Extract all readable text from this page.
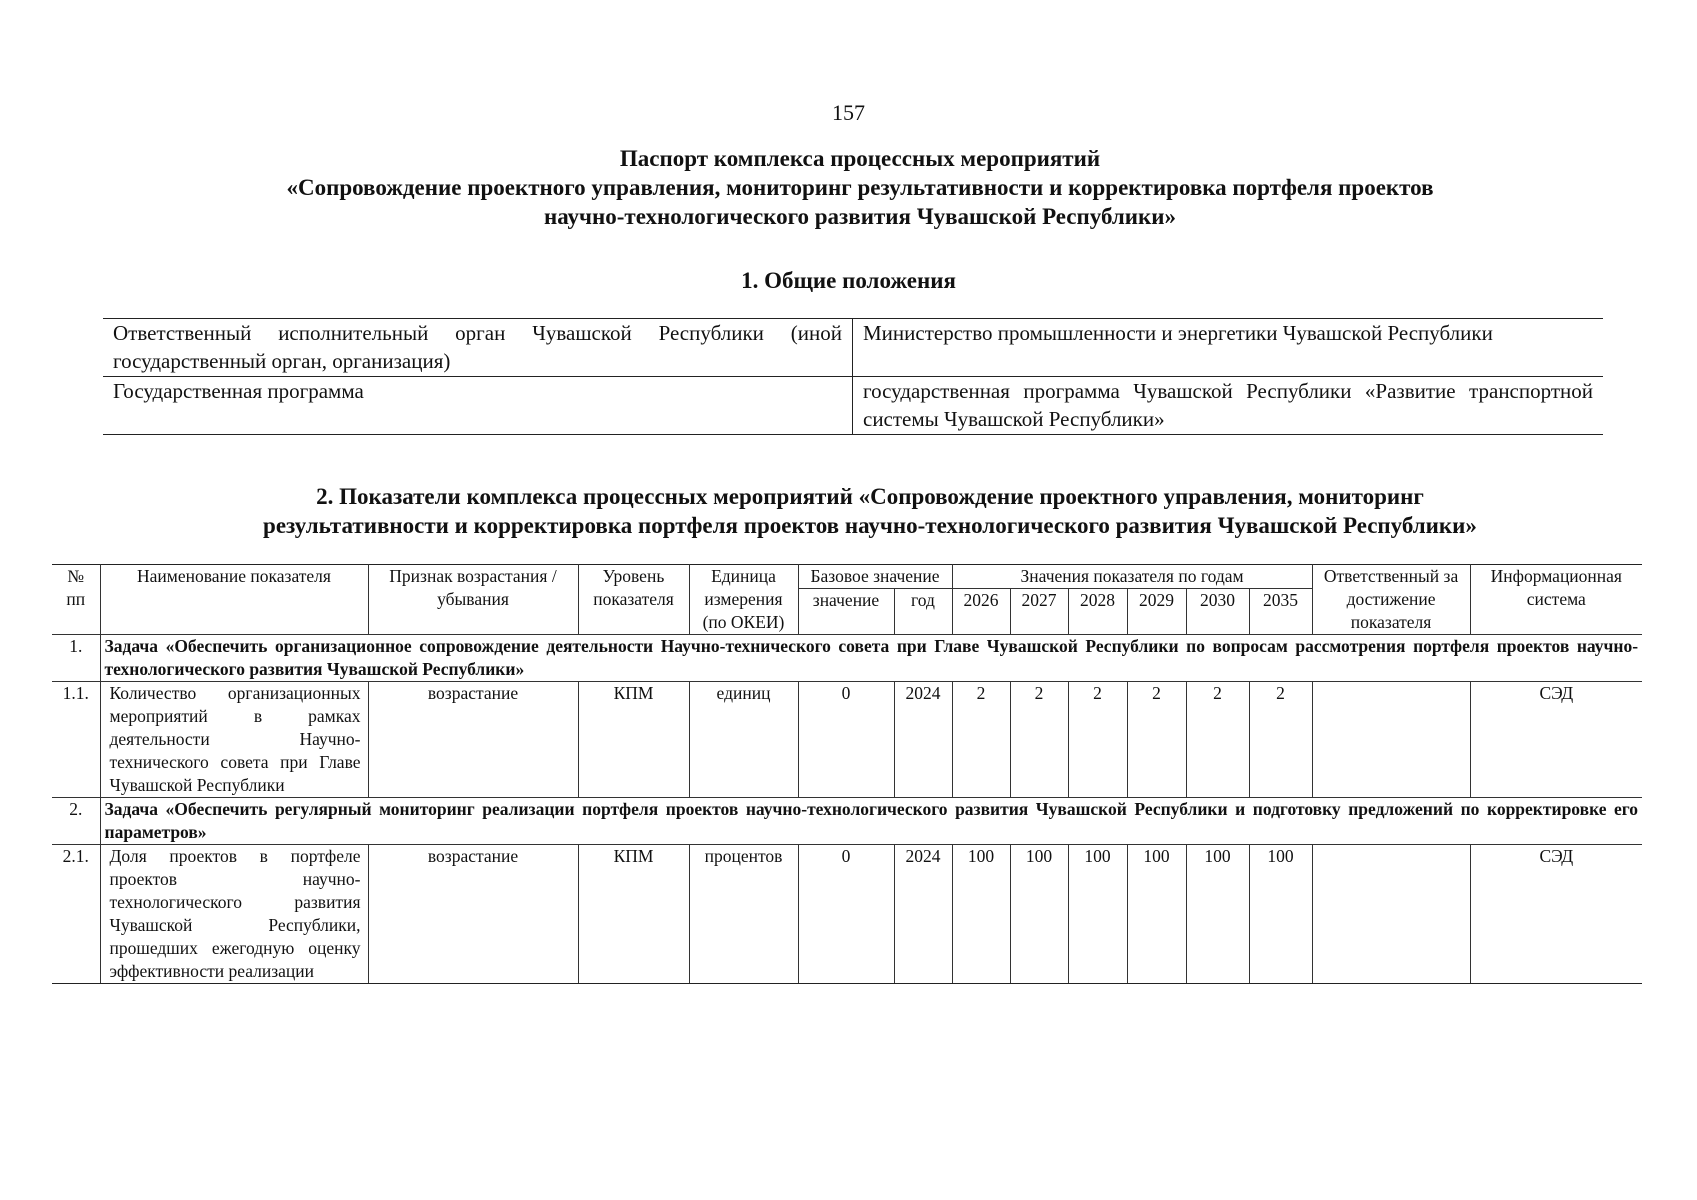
157
Паспорт комплекса процессных мероприятий
«Сопровождение проектного управления, мониторинг результативности и корректировка портфеля проектов
научно-технологического развития Чувашской Республики»
1. Общие положения
Ответственный исполнительный орган Чувашской Республики (иной государственный орган, организация)	Министерство промышленности и энергетики Чувашской Республики
Государственная программа	государственная программа Чувашской Республики «Развитие транспортной системы Чувашской Республики»
2. Показатели комплекса процессных мероприятий «Сопровождение проектного управления, мониторинг
результативности и корректировка портфеля проектов научно-технологического развития Чувашской Республики»
№ пп	Наименование показателя	Признак возрастания / убывания	Уровень показателя	Единица измерения (по ОКЕИ)	Базовое значение		Значения показателя по годам						Ответственный за достижение показателя	Информационная система

					значение	год	2026	2027	2028	2029	2030	2035		
1.	Задача «Обеспечить организационное сопровождение деятельности Научно-технического совета при Главе Чувашской Республики по вопросам рассмотрения портфеля проектов научно-технологического развития Чувашской Республики»													
1.1.	Количество организационных мероприятий в рамках деятельности Научно-технического совета при Главе Чувашской Республики	возрастание	КПМ	единиц	0	2024	2	2	2	2	2	2		СЭД
2.	Задача «Обеспечить регулярный мониторинг реализации портфеля проектов научно-технологического развития Чувашской Республики и подготовку предложений по корректировке его параметров»													
2.1.	Доля проектов в портфеле проектов научно-технологического развития Чувашской Республики, прошедших ежегодную оценку эффективности реализации	возрастание	КПМ	процентов	0	2024	100	100	100	100	100	100		СЭД
